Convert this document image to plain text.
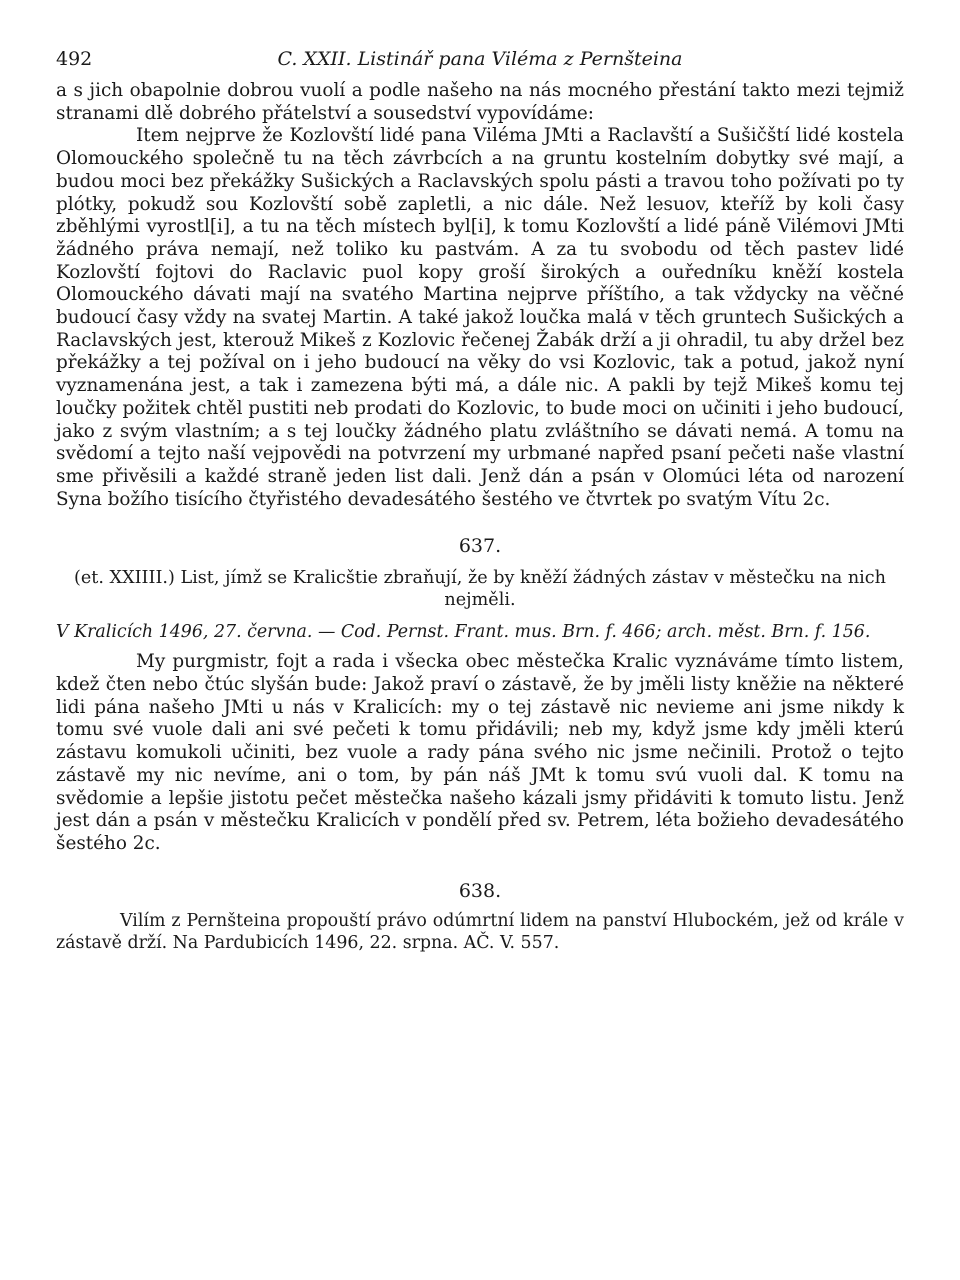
492	C. XXII. Listinář pana Viléma z Pernšteina

a s jich obapolnie dobrou vuolí a podle našeho na nás mocného přestání takto mezi tejmiž stranami dlě dobrého přátelství a sousedství vypovídáme:

Item nejprve že Kozlovští lidé pana Viléma JMti a Raclavští a Sušičští lidé kostela Olomouckého společně tu na těch závrbcích a na gruntu kostelním dobytky své mají, a budou moci bez překážky Sušických a Raclavských spolu pásti a travou toho požívati po ty plótky, pokudž sou Kozlovští sobě zapletli, a nic dále. Než lesuov, kteříž by koli časy zběhlými vyrostl[i], a tu na těch místech byl[i], k tomu Kozlovští a lidé páně Vilémovi JMti žádného práva nemají, než toliko ku pastvám. A za tu svobodu od těch pastev lidé Kozlovští fojtovi do Raclavic puol kopy groší širokých a ouředníku kněží kostela Olomouckého dávati mají na svatého Martina nejprve příštího, a tak vždycky na věčné budoucí časy vždy na svatej Martin. A také jakož loučka malá v těch gruntech Sušických a Raclavských jest, kterouž Mikeš z Kozlovic řečenej Žabák drží a ji ohradil, tu aby držel bez překážky a tej požíval on i jeho budoucí na věky do vsi Kozlovic, tak a potud, jakož nyní vyznamenána jest, a tak i zamezena býti má, a dále nic. A pakli by tejž Mikeš komu tej loučky požitek chtěl pustiti neb prodati do Kozlovic, to bude moci on učiniti i jeho budoucí, jako z svým vlastním; a s tej loučky žádného platu zvláštního se dávati nemá. A tomu na svědomí a tejto naší vejpovědi na potvrzení my urbmané napřed psaní pečeti naše vlastní sme přivěsili a každé straně jeden list dali. Jenž dán a psán v Olomúci léta od narození Syna božího tisícího čtyřistého devadesátého šestého ve čtvrtek po svatým Vítu 2c.

637.

(et. XXIIII.) List, jímž se Kralicštie zbraňují, že by kněží žádných zástav v městečku na nich nejměli.

V Kralicích 1496, 27. června. — Cod. Pernst. Frant. mus. Brn. f. 466; arch. měst. Brn. f. 156.

My purgmistr, fojt a rada i všecka obec městečka Kralic vyznáváme tímto listem, kdež čten nebo čtúc slyšán bude: Jakož praví o zástavě, že by jměli listy kněžie na některé lidi pána našeho JMti u nás v Kralicích: my o tej zástavě nic nevieme ani jsme nikdy k tomu své vuole dali ani své pečeti k tomu přidávili; neb my, když jsme kdy jměli kterú zástavu komukoli učiniti, bez vuole a rady pána svého nic jsme nečinili. Protož o tejto zástavě my nic nevíme, ani o tom, by pán náš JMt k tomu svú vuoli dal. K tomu na svědomie a lepšie jistotu pečet městečka našeho kázali jsmy přidáviti k tomuto listu. Jenž jest dán a psán v městečku Kralicích v pondělí před sv. Petrem, léta božieho devadesátého šestého 2c.

638.

Vilím z Pernšteina propouští právo odúmrtní lidem na panství Hlubockém, jež od krále v zástavě drží. Na Pardubicích 1496, 22. srpna. AČ. V. 557.
